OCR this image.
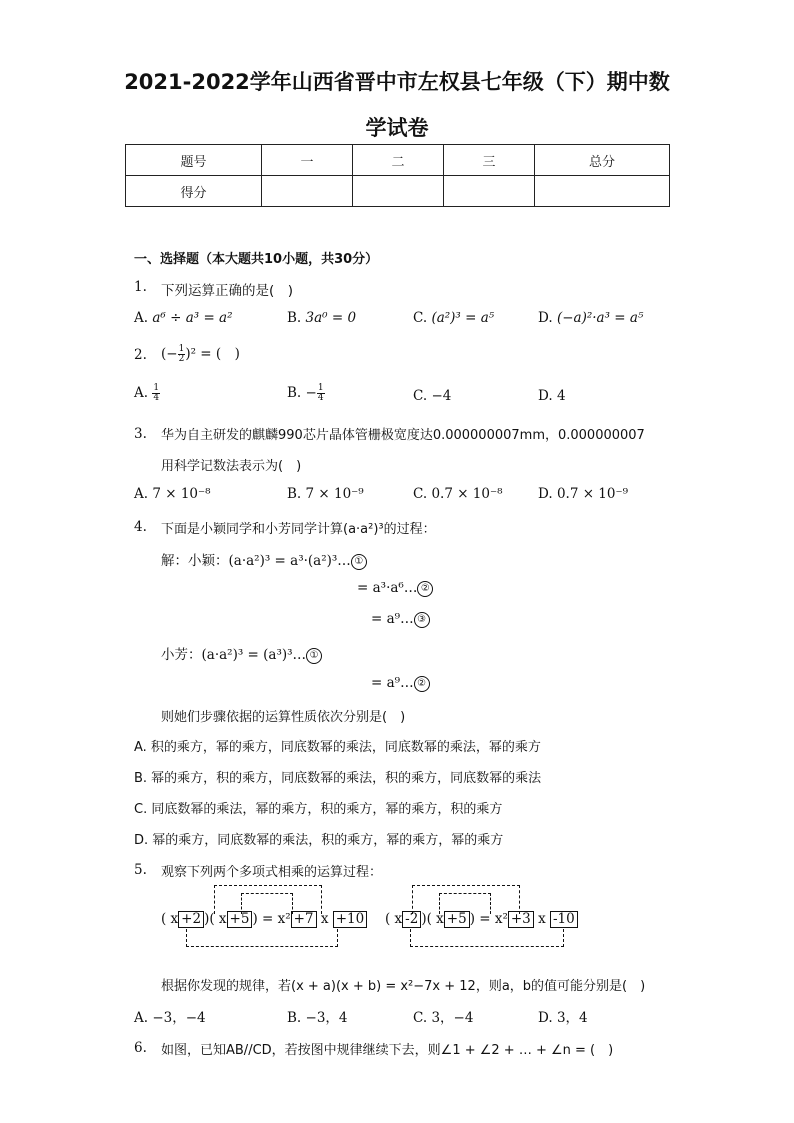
2021-2022学年山西省晋中市左权县七年级（下）期中数
学试卷
题号	一	二	三	总分
得分				
一、选择题（本大题共10小题，共30分）
1. 下列运算正确的是(　)
A. a⁶ ÷ a³ = a²	B. 3a⁰ = 0	C. (a²)³ = a⁵	D. (−a)²·a³ = a⁵
2. (− $\frac{1}{2} )^2$ = (　)
A. $\frac{1}{4}$	B. − $\frac{1}{4}$	C. −4	D. 4
3. 华为自主研发的麒麟990芯片晶体管栅极宽度达0.000000007mm，0.000000007
用科学记数法表示为(　)
A. 7 × 10⁻⁸	B. 7 × 10⁻⁹	C. 0.7 × 10⁻⁸	D. 0.7 × 10⁻⁹
4. 下面是小颖同学和小芳同学计算(a·a²)³的过程：
解：小颖：(a·a²)³ = a³·(a²)³… ①
= a³·a⁶… ②
= a⁹… ③
小芳：(a·a²)³ = (a³)³… ①
= a⁹… ②
则她们步骤依据的运算性质依次分别是(　)
A. 积的乘方，幂的乘方，同底数幂的乘法，同底数幂的乘法，幂的乘方
B. 幂的乘方，积的乘方，同底数幂的乘法，积的乘方，同底数幂的乘法
C. 同底数幂的乘法，幂的乘方，积的乘方，幂的乘方，积的乘方
D. 幂的乘方，同底数幂的乘法，积的乘方，幂的乘方，幂的乘方
5. 观察下列两个多项式相乘的运算过程：
( x +2 )( x +5 ) = x² +7 x +10 ( x -2 )( x +5 ) = x² +3 x -10
根据你发现的规律，若(x + a)(x + b) = x²−7x + 12，则a，b的值可能分别是(　)
A. −3，−4	B. −3，4	C. 3，−4	D. 3，4
6. 如图，已知AB//CD，若按图中规律继续下去，则∠1 + ∠2 + … + ∠n = (　)
